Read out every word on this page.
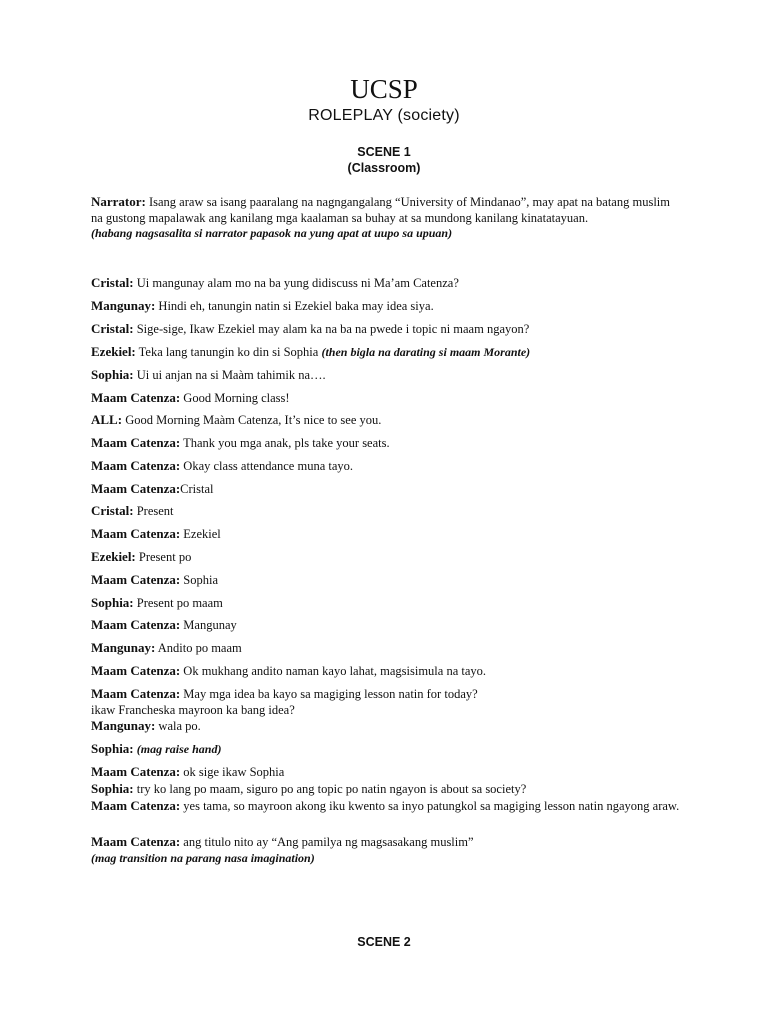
UCSP
ROLEPLAY (society)
SCENE 1
(Classroom)
Narrator: Isang araw sa isang paaralang na nagngangalang “University of Mindanao”, may apat na batang muslim na gustong mapalawak ang kanilang mga kaalaman sa buhay at sa mundong kanilang kinatatayuan.
(habang nagsasalita si narrator papasok na yung apat at uupo sa upuan)
Cristal: Ui mangunay alam mo na ba yung didiscuss ni Ma’am Catenza?
Mangunay: Hindi eh, tanungin natin si Ezekiel baka may idea siya.
Cristal: Sige-sige, Ikaw Ezekiel may alam ka na ba na pwede i topic ni maam ngayon?
Ezekiel: Teka lang tanungin ko din si Sophia (then bigla na darating si maam Morante)
Sophia: Ui ui anjan na si Maàm tahimik na….
Maam Catenza: Good Morning class!
ALL: Good Morning Maàm Catenza, It’s nice to see you.
Maam Catenza: Thank you mga anak, pls take your seats.
Maam Catenza: Okay class attendance muna tayo.
Maam Catenza:Cristal
Cristal: Present
Maam Catenza: Ezekiel
Ezekiel: Present po
Maam Catenza: Sophia
Sophia: Present po maam
Maam Catenza: Mangunay
Mangunay: Andito po maam
Maam Catenza: Ok mukhang andito naman kayo lahat, magsisimula na tayo.
Maam Catenza: May mga idea ba kayo sa magiging lesson natin for today?
ikaw Francheska mayroon ka bang idea?
Mangunay: wala po.
Sophia: (mag raise hand)
Maam Catenza: ok sige ikaw Sophia
Sophia: try ko lang po maam, siguro po ang topic po natin ngayon is about sa society?
Maam Catenza: yes tama, so mayroon akong iku kwento sa inyo patungkol sa magiging lesson natin ngayong araw.
Maam Catenza: ang titulo nito ay “Ang pamilya ng magsasakang muslim”
(mag transition na parang nasa imagination)
SCENE 2
